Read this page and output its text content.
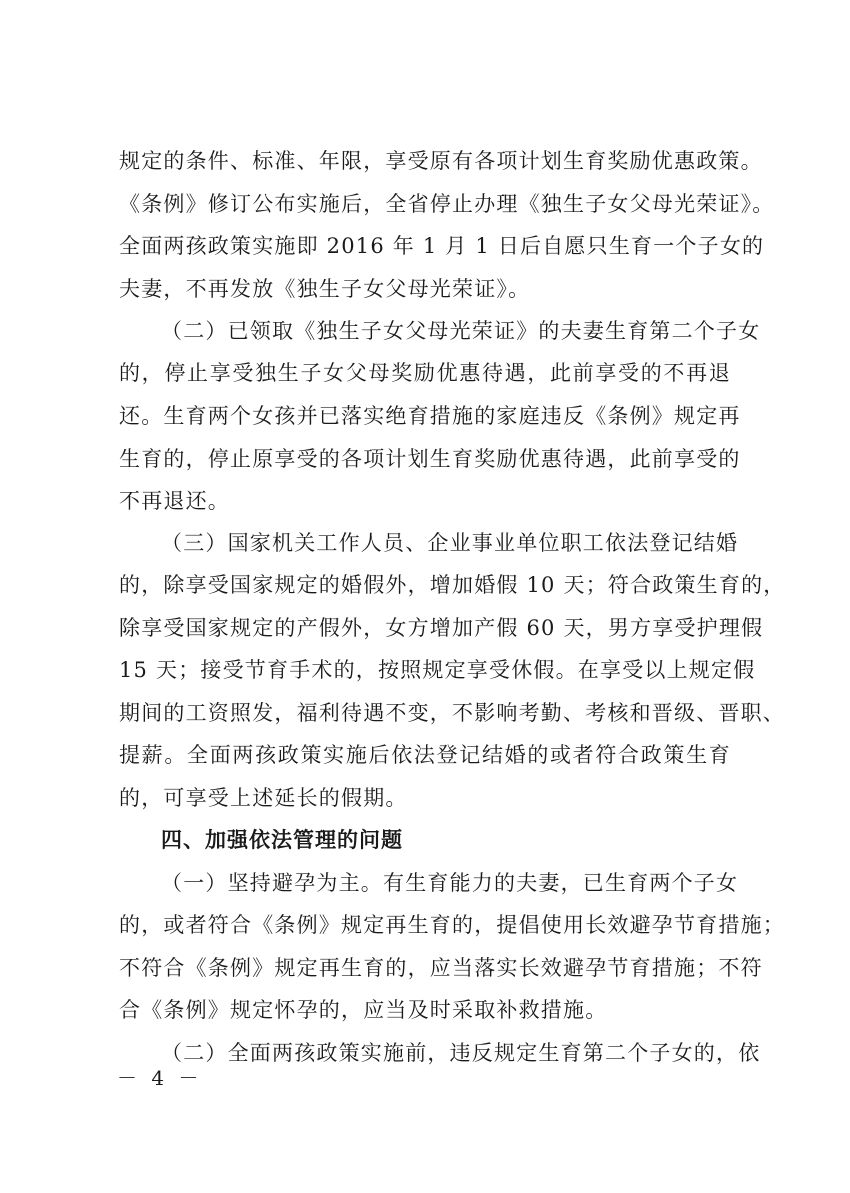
规定的条件、标准、年限，享受原有各项计划生育奖励优惠政策。
《条例》修订公布实施后，全省停止办理《独生子女父母光荣证》。
全面两孩政策实施即 2016 年 1 月 1 日后自愿只生育一个子女的
夫妻，不再发放《独生子女父母光荣证》。
（二）已领取《独生子女父母光荣证》的夫妻生育第二个子女
的，停止享受独生子女父母奖励优惠待遇，此前享受的不再退
还。生育两个女孩并已落实绝育措施的家庭违反《条例》规定再
生育的，停止原享受的各项计划生育奖励优惠待遇，此前享受的
不再退还。
（三）国家机关工作人员、企业事业单位职工依法登记结婚
的，除享受国家规定的婚假外，增加婚假 10 天；符合政策生育的，
除享受国家规定的产假外，女方增加产假 60 天，男方享受护理假
15 天；接受节育手术的，按照规定享受休假。在享受以上规定假
期间的工资照发，福利待遇不变，不影响考勤、考核和晋级、晋职、
提薪。全面两孩政策实施后依法登记结婚的或者符合政策生育
的，可享受上述延长的假期。
四、加强依法管理的问题
（一）坚持避孕为主。有生育能力的夫妻，已生育两个子女
的，或者符合《条例》规定再生育的，提倡使用长效避孕节育措施；
不符合《条例》规定再生育的，应当落实长效避孕节育措施；不符
合《条例》规定怀孕的，应当及时采取补救措施。
（二）全面两孩政策实施前，违反规定生育第二个子女的，依
－ 4 －
